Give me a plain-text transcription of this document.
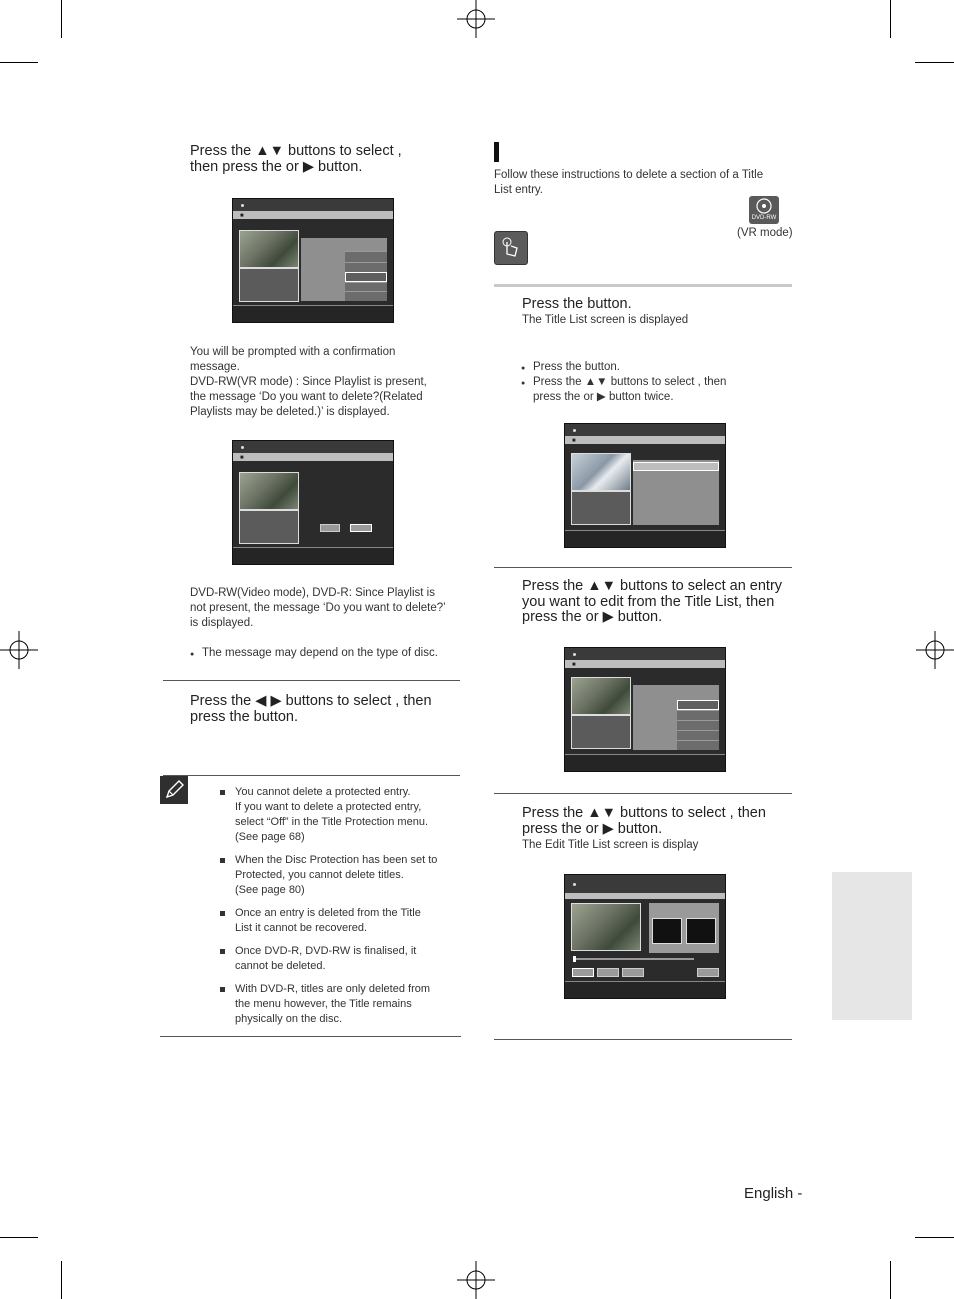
Press the ▲▼ buttons to select ,
then press the or ▶ button.
■
You will be prompted with a confirmation
message.
DVD-RW(VR mode) : Since Playlist is present,
the message ‘Do you want to delete?(Related
Playlists may be deleted.)’ is displayed.
■
DVD-RW(Video mode), DVD-R: Since Playlist is
not present, the message ‘Do you want to delete?’
is displayed.
The message may depend on the type of disc.
Press the ◀ ▶ buttons to select , then
press the button.
You cannot delete a protected entry.
If you want to delete a protected entry,
select “Off” in the Title Protection menu.
(See page 68)
When the Disc Protection has been set to
Protected, you cannot delete titles.
(See page 80)
Once an entry is deleted from the Title
List it cannot be recovered.
Once DVD-R, DVD-RW is finalised, it
cannot be deleted.
With DVD-R, titles are only deleted from
the menu however, the Title remains
physically on the disc.
Follow these instructions to delete a section of a Title
List entry.
DVD-RW
(VR mode)
Press the button.
The Title List screen is displayed
Press the button.
Press the ▲▼ buttons to select , then
press the or ▶ button twice.
■
Press the ▲▼ buttons to select an entry
you want to edit from the Title List, then
press the or ▶ button.
■
Press the ▲▼ buttons to select , then
press the or ▶ button.
The Edit Title List screen is display
English -
